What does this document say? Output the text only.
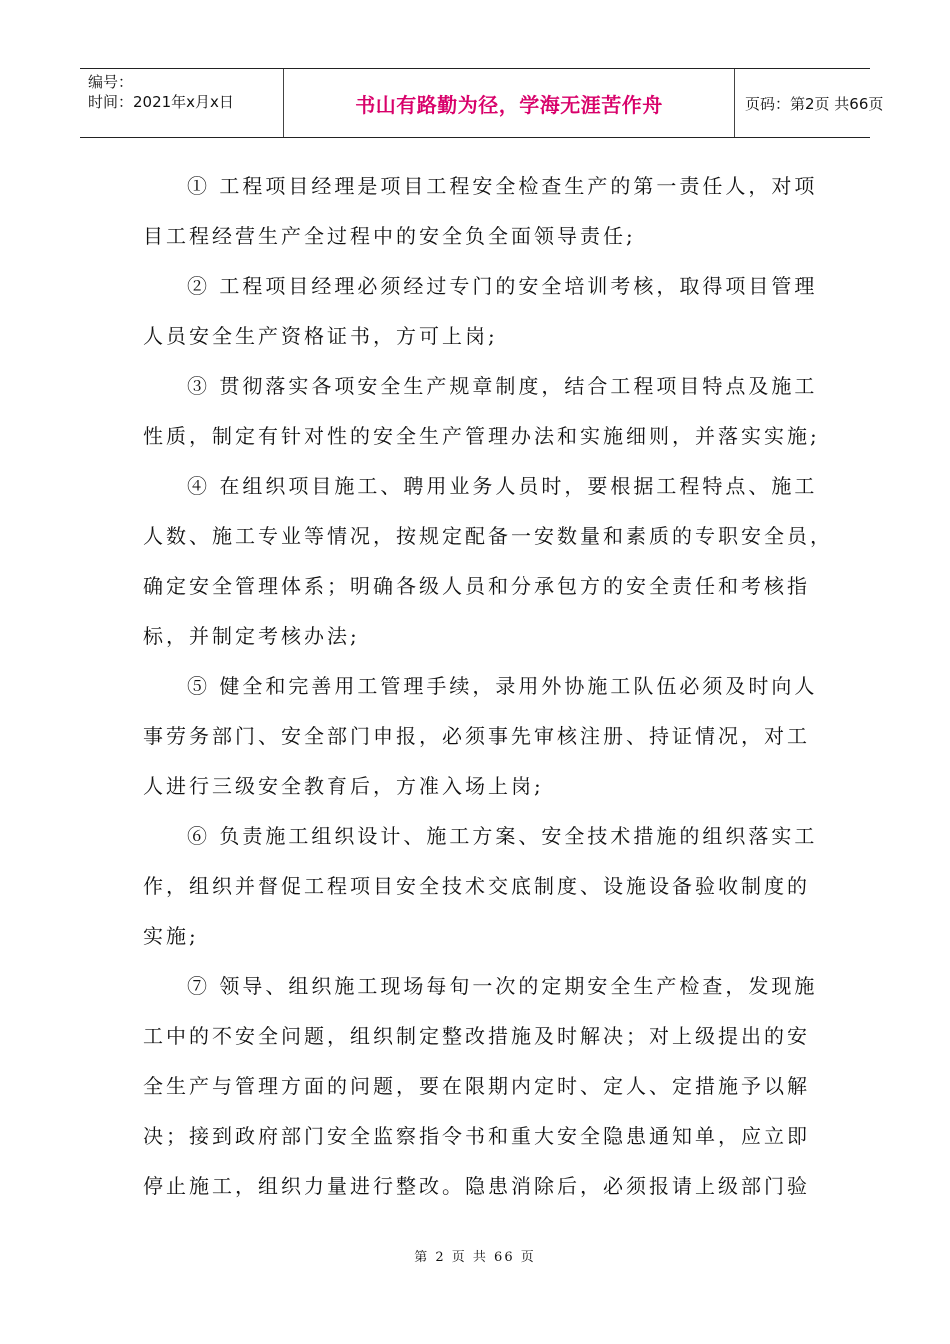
编号：
时间：2021年x月x日	书山有路勤为径，学海无涯苦作舟	页码：第2页 共66页
① 工程项目经理是项目工程安全检查生产的第一责任人，对项
目工程经营生产全过程中的安全负全面领导责任;
② 工程项目经理必须经过专门的安全培训考核，取得项目管理
人员安全生产资格证书，方可上岗;
③ 贯彻落实各项安全生产规章制度，结合工程项目特点及施工
性质，制定有针对性的安全生产管理办法和实施细则，并落实实施;
④ 在组织项目施工、聘用业务人员时，要根据工程特点、施工
人数、施工专业等情况，按规定配备一安数量和素质的专职安全员，
确定安全管理体系；明确各级人员和分承包方的安全责任和考核指
标，并制定考核办法;
⑤ 健全和完善用工管理手续，录用外协施工队伍必须及时向人
事劳务部门、安全部门申报，必须事先审核注册、持证情况，对工
人进行三级安全教育后，方准入场上岗;
⑥ 负责施工组织设计、施工方案、安全技术措施的组织落实工
作，组织并督促工程项目安全技术交底制度、设施设备验收制度的
实施;
⑦ 领导、组织施工现场每旬一次的定期安全生产检查，发现施
工中的不安全问题，组织制定整改措施及时解决；对上级提出的安
全生产与管理方面的问题，要在限期内定时、定人、定措施予以解
决；接到政府部门安全监察指令书和重大安全隐患通知单，应立即
停止施工，组织力量进行整改。隐患消除后，必须报请上级部门验
第 2 页 共 66 页
